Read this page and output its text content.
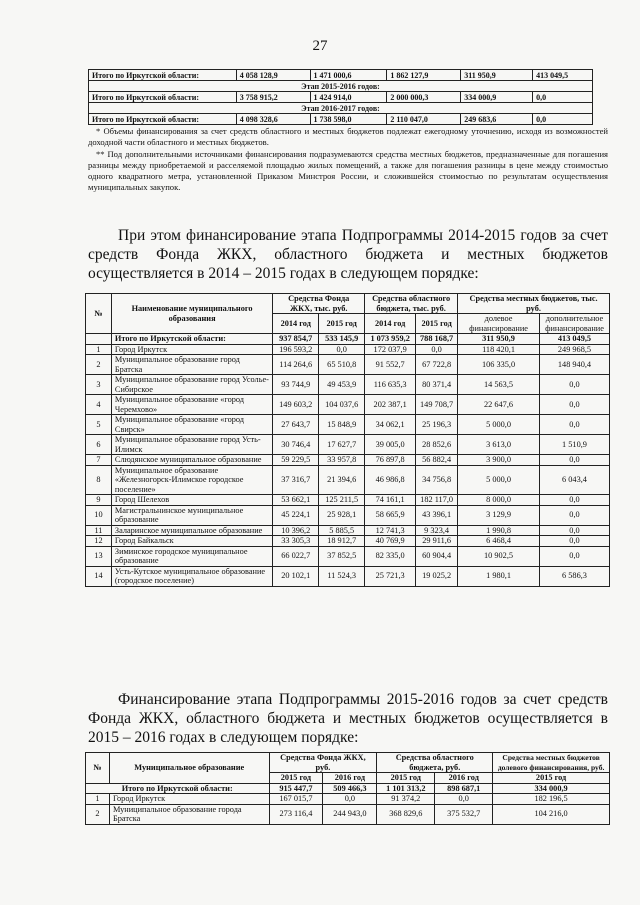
27
Итого по Иркутской области:	4 058 128,9	1 471 000,6	1 862 127,9	311 950,9	413 049,5
Этап 2015-2016 годов:					
Итого по Иркутской области:	3 758 915,2	1 424 914,0	2 000 000,3	334 000,9	0,0
Этап 2016-2017 годов:					
Итого по Иркутской области:	4 098 328,6	1 738 598,0	2 110 047,0	249 683,6	0,0

* Объемы финансирования за счет средств областного и местных бюджетов подлежат ежегодному уточнению, исходя из возможностей доходной части областного и местных бюджетов.

** Под дополнительными источниками финансирования подразумеваются средства местных бюджетов, предназначенные для погашения разницы между приобретаемой и расселяемой площадью жилых помещений, а также для погашения разницы в цене между стоимостью одного квадратного метра, установленной Приказом Минстроя России, и сложившейся стоимостью по результатам осуществления муниципальных закупок.

При этом финансирование этапа Подпрограммы 2014-2015 годов за счет средств Фонда ЖКХ, областного бюджета и местных бюджетов осуществляется в 2014 – 2015 годах в следующем порядке:
№	Наименование муниципального образования	Средства Фонда ЖКХ, тыс. руб.		Средства областного бюджета, тыс. руб.		Средства местных бюджетов, тыс. руб.	
		2014 год	2015 год	2014 год	2015 год	долевое финансирование	дополнительное финансирование
	Итого по Иркутской области:	937 854,7	533 145,9	1 073 959,2	788 168,7	311 950,9	413 049,5
1	Город Иркутск	196 593,2	0,0	172 037,9	0,0	118 420,1	249 968,5
2	Муниципальное образование город Братска	114 264,6	65 510,8	91 552,7	67 722,8	106 335,0	148 940,4
3	Муниципальное образование город Усолье-Сибирское	93 744,9	49 453,9	116 635,3	80 371,4	14 563,5	0,0
4	Муниципальное образование «город Черемхово»	149 603,2	104 037,6	202 387,1	149 708,7	22 647,6	0,0
5	Муниципальное образование «город Свирск»	27 643,7	15 848,9	34 062,1	25 196,3	5 000,0	0,0
6	Муниципальное образование город Усть-Илимск	30 746,4	17 627,7	39 005,0	28 852,6	3 613,0	1 510,9
7	Слюдянское муниципальное образование	59 229,5	33 957,8	76 897,8	56 882,4	3 900,0	0,0
8	Муниципальное образование «Железногорск-Илимское городское поселение»	37 316,7	21 394,6	46 986,8	34 756,8	5 000,0	6 043,4
9	Город Шелехов	53 662,1	125 211,5	74 161,1	182 117,0	8 000,0	0,0
10	Магистральнинское муниципальное образование	45 224,1	25 928,1	58 665,9	43 396,1	3 129,9	0,0
11	Залаpинское муниципальное образование	10 396,2	5 885,5	12 741,3	9 323,4	1 990,8	0,0
12	Город Байкальск	33 305,3	18 912,7	40 769,9	29 911,6	6 468,4	0,0
13	Зиминское городское муниципальное образование	66 022,7	37 852,5	82 335,0	60 904,4	10 902,5	0,0
14	Усть-Кутское муниципальное образование (городское поселение)	20 102,1	11 524,3	25 721,3	19 025,2	1 980,1	6 586,3
Финансирование этапа Подпрограммы 2015-2016 годов за счет средств Фонда ЖКХ, областного бюджета и местных бюджетов осуществляется в 2015 – 2016 годах в следующем порядке:
№	Муниципальное образование	Средства Фонда ЖКХ, руб.		Средства областного бюджета, руб.		Средства местных бюджетов долевого финансирования, руб.
		2015 год	2016 год	2015 год	2016 год	2015 год
Итого по Иркутской области:		915 447,7	509 466,3	1 101 313,2	898 687,1	334 000,9
1	Город Иркутск	167 015,7	0,0	91 374,2	0,0	182 196,5
2	Муниципальное образование города Братска	273 116,4	244 943,0	368 829,6	375 532,7	104 216,0
